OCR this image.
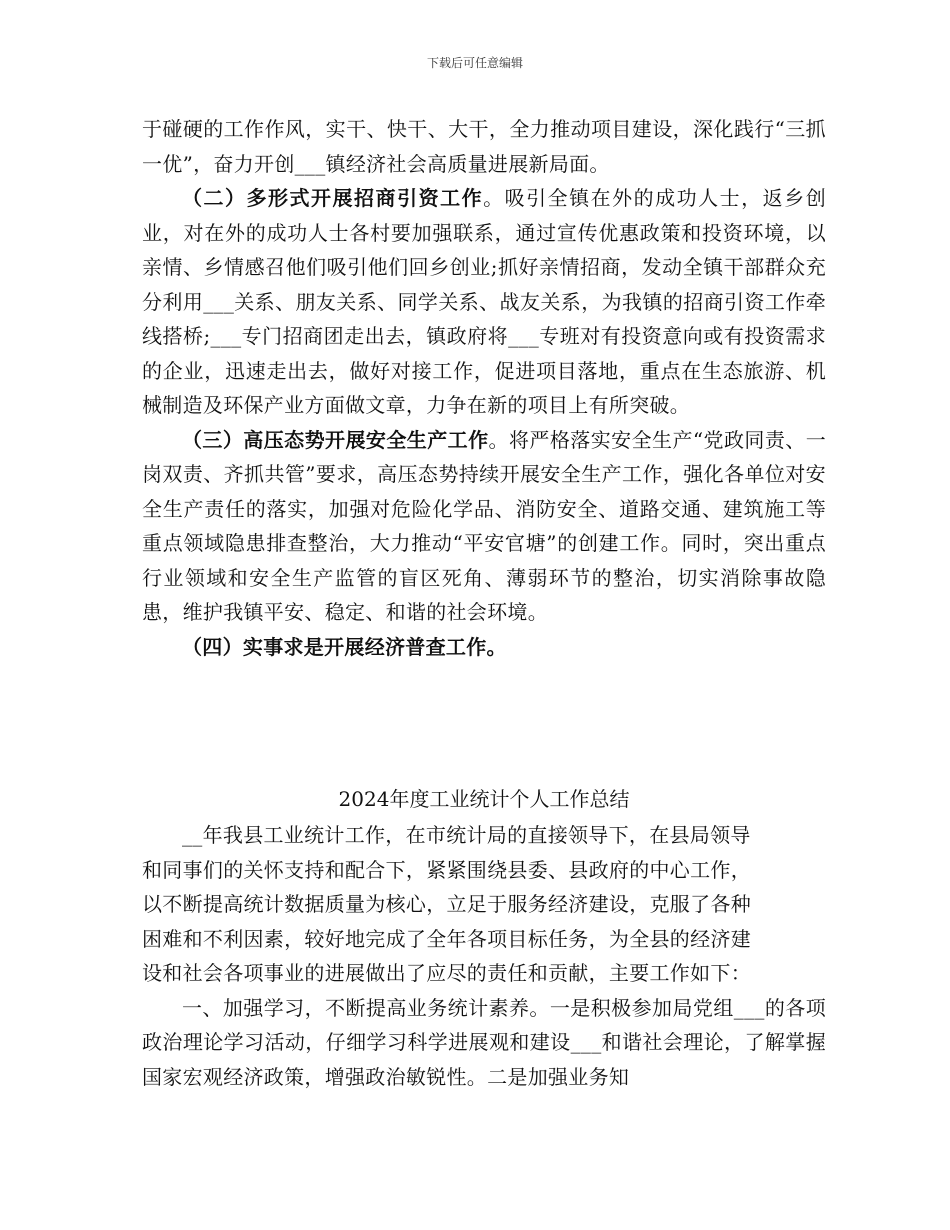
下载后可任意编辑

于碰硬的工作作风，实干、快干、大干，全力推动项目建设，深化践行“三抓一优”，奋力开创___镇经济社会高质量进展新局面。

（二）多形式开展招商引资工作。吸引全镇在外的成功人士，返乡创业，对在外的成功人士各村要加强联系，通过宣传优惠政策和投资环境，以亲情、乡情感召他们吸引他们回乡创业;抓好亲情招商，发动全镇干部群众充分利用___关系、朋友关系、同学关系、战友关系，为我镇的招商引资工作牵线搭桥;___专门招商团走出去，镇政府将___专班对有投资意向或有投资需求的企业，迅速走出去，做好对接工作，促进项目落地，重点在生态旅游、机械制造及环保产业方面做文章，力争在新的项目上有所突破。

（三）高压态势开展安全生产工作。将严格落实安全生产“党政同责、一岗双责、齐抓共管”要求，高压态势持续开展安全生产工作，强化各单位对安全生产责任的落实，加强对危险化学品、消防安全、道路交通、建筑施工等重点领域隐患排查整治，大力推动“平安官塘”的创建工作。同时，突出重点行业领域和安全生产监管的盲区死角、薄弱环节的整治，切实消除事故隐患，维护我镇平安、稳定、和谐的社会环境。

（四）实事求是开展经济普查工作。

2024年度工业统计个人工作总结

__年我县工业统计工作，在市统计局的直接领导下，在县局领导

和同事们的关怀支持和配合下，紧紧围绕县委、县政府的中心工作，

以不断提高统计数据质量为核心，立足于服务经济建设，克服了各种

困难和不利因素，较好地完成了全年各项目标任务，为全县的经济建

设和社会各项事业的进展做出了应尽的责任和贡献，主要工作如下：

一、加强学习，不断提高业务统计素养。一是积极参加局党组___的各项政治理论学习活动，仔细学习科学进展观和建设___和谐社会理论，了解掌握国家宏观经济政策，增强政治敏锐性。二是加强业务知
